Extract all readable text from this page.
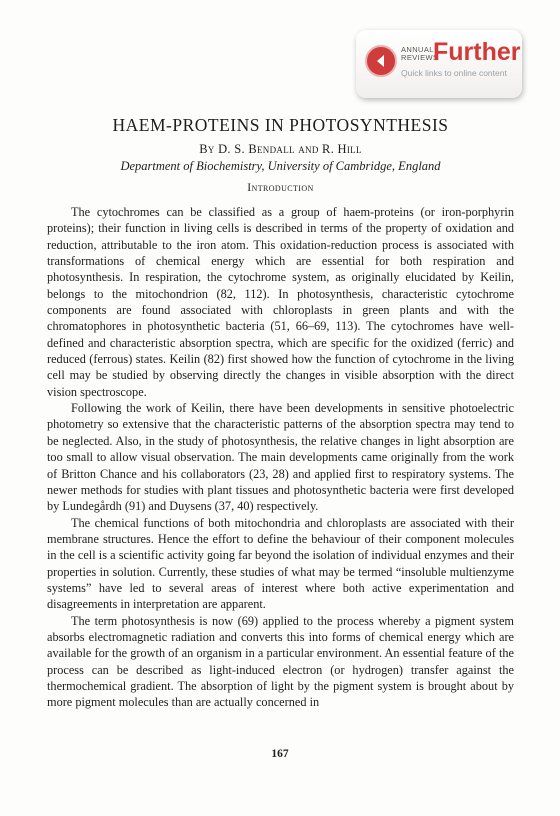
ANNUAL
REVIEWS
Further
Quick links to online content
HAEM-PROTEINS IN PHOTOSYNTHESIS
By D. S. Bendall and R. Hill
Department of Biochemistry, University of Cambridge, England
Introduction

The cytochromes can be classified as a group of haem-proteins (or iron-porphyrin proteins); their function in living cells is described in terms of the property of oxidation and reduction, attributable to the iron atom. This oxidation-reduction process is associated with transformations of chemical energy which are essential for both respiration and photosynthesis. In respiration, the cytochrome system, as originally elucidated by Keilin, belongs to the mitochondrion (82, 112). In photosynthesis, characteristic cytochrome components are found associated with chloroplasts in green plants and with the chromatophores in photosynthetic bacteria (51, 66–69, 113). The cytochromes have well-defined and characteristic absorption spectra, which are specific for the oxidized (ferric) and reduced (ferrous) states. Keilin (82) first showed how the function of cytochrome in the living cell may be studied by observing directly the changes in visible absorption with the direct vision spectroscope.

Following the work of Keilin, there have been developments in sensitive photoelectric photometry so extensive that the characteristic patterns of the absorption spectra may tend to be neglected. Also, in the study of photosynthesis, the relative changes in light absorption are too small to allow visual observation. The main developments came originally from the work of Britton Chance and his collaborators (23, 28) and applied first to respiratory systems. The newer methods for studies with plant tissues and photosynthetic bacteria were first developed by Lundegårdh (91) and Duysens (37, 40) respectively.

The chemical functions of both mitochondria and chloroplasts are associated with their membrane structures. Hence the effort to define the behaviour of their component molecules in the cell is a scientific activity going far beyond the isolation of individual enzymes and their properties in solution. Currently, these studies of what may be termed “insoluble multienzyme systems” have led to several areas of interest where both active experimentation and disagreements in interpretation are apparent.

The term photosynthesis is now (69) applied to the process whereby a pigment system absorbs electromagnetic radiation and converts this into forms of chemical energy which are available for the growth of an organism in a particular environment. An essential feature of the process can be described as light-induced electron (or hydrogen) transfer against the thermochemical gradient. The absorption of light by the pigment system is brought about by more pigment molecules than are actually concerned in

167
